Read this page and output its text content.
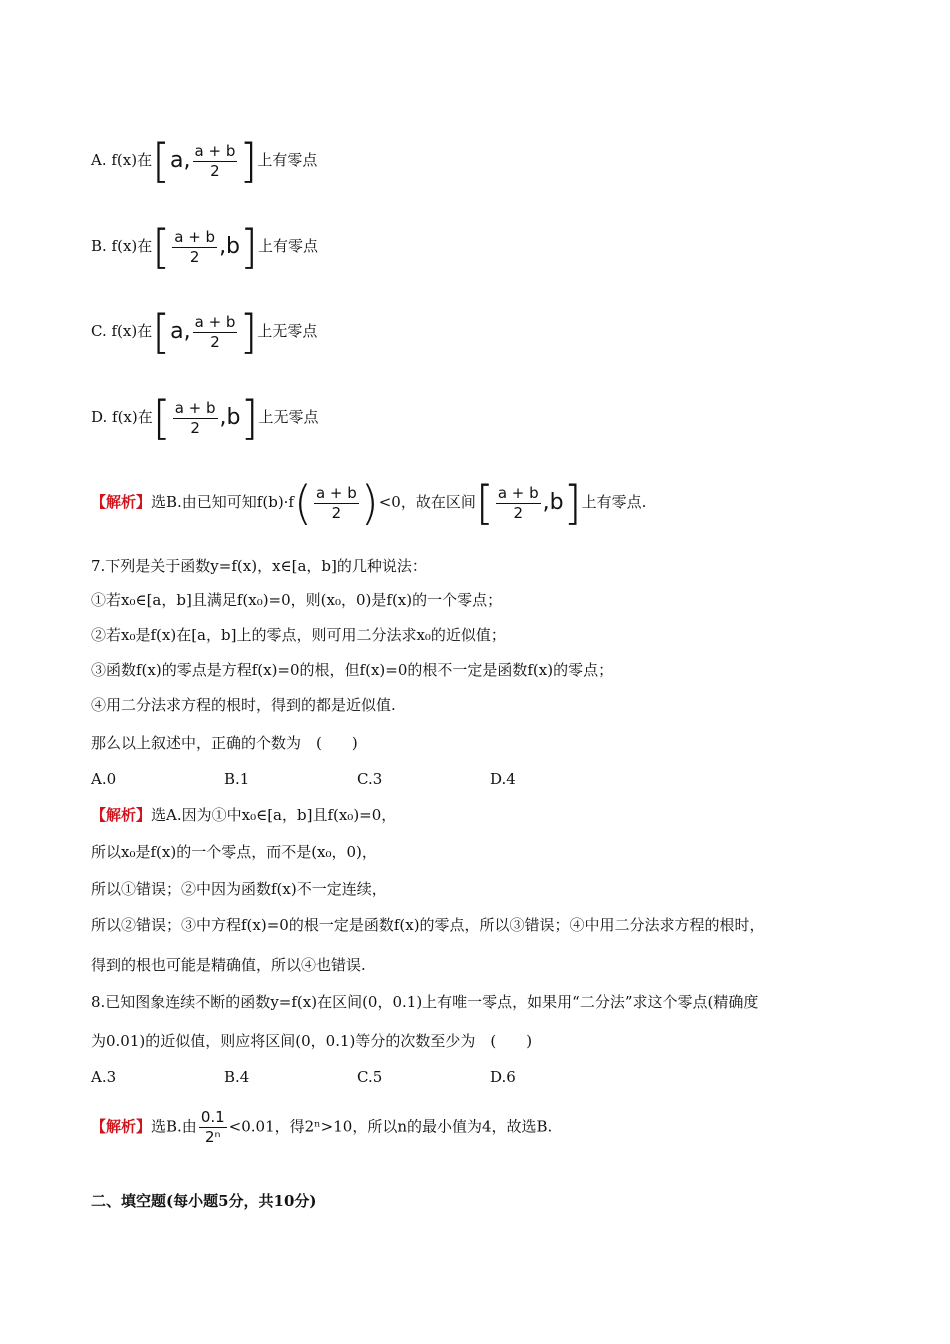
A. f(x)在 [ a, $\frac{a + b}{2}$ ] 上有零点
B. f(x)在 [ $\frac{a + b}{2} ,b$ ] 上有零点
C. f(x)在 [ a, $\frac{a + b}{2}$ ] 上无零点
D. f(x)在 [ $\frac{a + b}{2} ,b$ ] 上无零点
【解析】选B.由已知可知f(b)·f ( $\frac{a + b}{2}$ ) <0，故在区间 [ $\frac{a + b}{2} ,b$ ] 上有零点.
7.下列是关于函数y=f(x)，x∈[a，b]的几种说法：
①若x₀∈[a，b]且满足f(x₀)=0，则(x₀，0)是f(x)的一个零点；
②若x₀是f(x)在[a，b]上的零点，则可用二分法求x₀的近似值；
③函数f(x)的零点是方程f(x)=0的根，但f(x)=0的根不一定是函数f(x)的零点；
④用二分法求方程的根时，得到的都是近似值.
那么以上叙述中，正确的个数为　(　　)
A.0	B.1	C.3	D.4
【解析】选A.因为①中x₀∈[a，b]且f(x₀)=0，
所以x₀是f(x)的一个零点，而不是(x₀，0)，
所以①错误；②中因为函数f(x)不一定连续，
所以②错误；③中方程f(x)=0的根一定是函数f(x)的零点，所以③错误；④中用二分法求方程的根时，
得到的根也可能是精确值，所以④也错误.
8.已知图象连续不断的函数y=f(x)在区间(0，0.1)上有唯一零点，如果用“二分法”求这个零点(精确度
为0.01)的近似值，则应将区间(0，0.1)等分的次数至少为　(　　)
A.3	B.4	C.5	D.6
【解析】选B.由 $\frac{0.1}{\text{2ⁿ}} <0.01$，得2ⁿ>10，所以n的最小值为4，故选B.
二、填空题(每小题5分，共10分)
